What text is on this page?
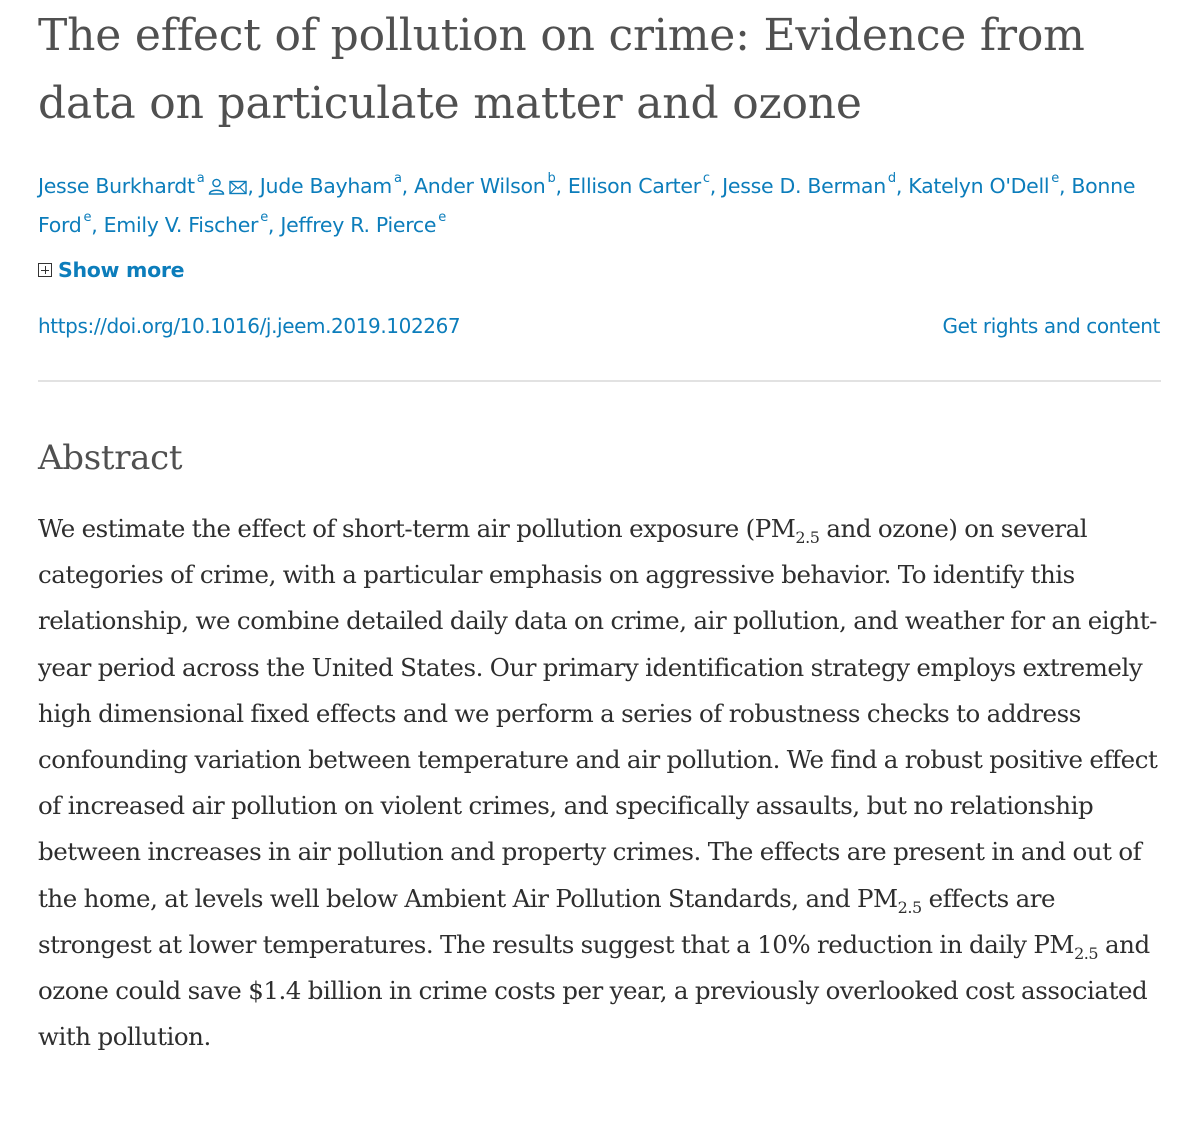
The effect of pollution on crime: Evidence from data on particulate matter and ozone
Jesse Burkhardt $^a$ , Jude Bayham $^a$, Ander Wilson $^b$, Ellison Carter $^c$, Jesse D. Berman $^d$, Katelyn O'Dell $^e$, Bonne Ford $^e$, Emily V. Fischer $^e$, Jeffrey R. Pierce $^e$
Show more
https://doi.org/10.1016/j.jeem.2019.102267	Get rights and content
Abstract
We estimate the effect of short-term air pollution exposure ($PM_{2.5}$ and ozone) on several categories of crime, with a particular emphasis on aggressive behavior. To identify this relationship, we combine detailed daily data on crime, air pollution, and weather for an eight-year period across the United States. Our primary identification strategy employs extremely high dimensional fixed effects and we perform a series of robustness checks to address confounding variation between temperature and air pollution. We find a robust positive effect of increased air pollution on violent crimes, and specifically assaults, but no relationship between increases in air pollution and property crimes. The effects are present in and out of the home, at levels well below Ambient Air Pollution Standards, and $PM_{2.5}$ effects are strongest at lower temperatures. The results suggest that a 10% reduction in daily $PM_{2.5}$ and ozone could save $1.4 billion in crime costs per year, a previously overlooked cost associated with pollution.
